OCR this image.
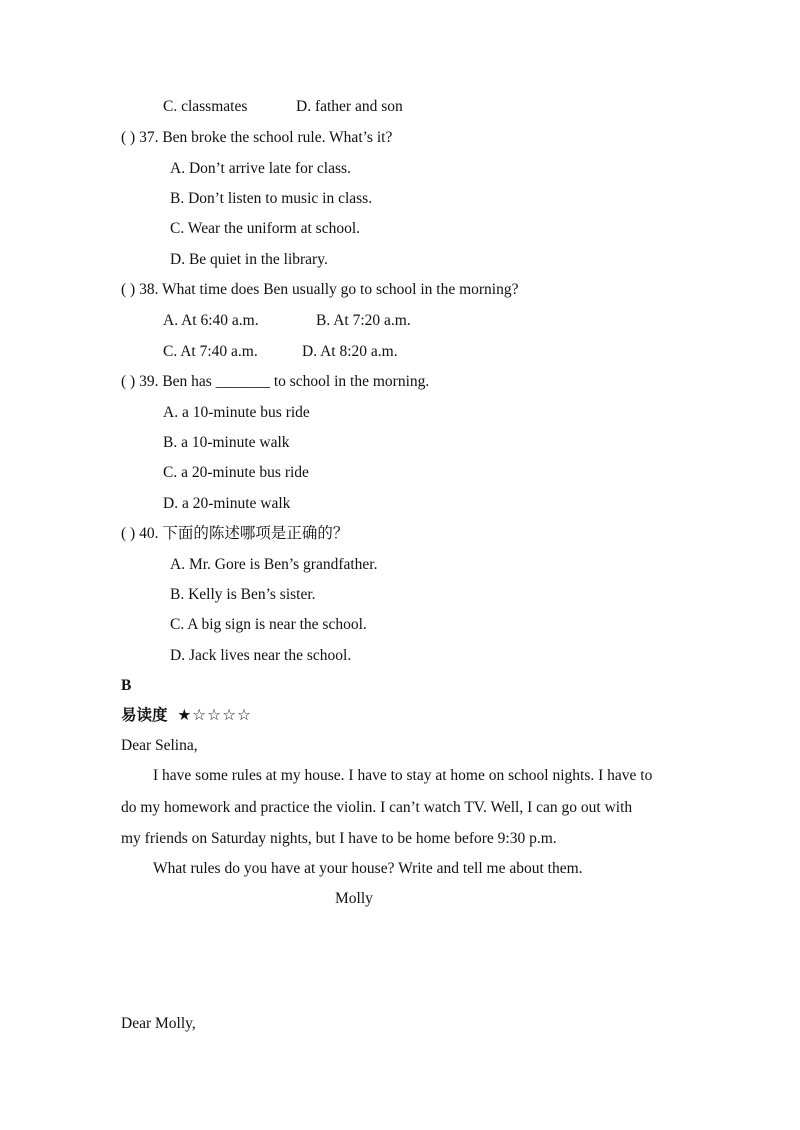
C. classmates	D. father and son
( ) 37. Ben broke the school rule. What’s it?
A. Don’t arrive late for class.
B. Don’t listen to music in class.
C. Wear the uniform at school.
D. Be quiet in the library.
( ) 38. What time does Ben usually go to school in the morning?
A. At 6:40 a.m.	B. At 7:20 a.m.
C. At 7:40 a.m.	D. At 8:20 a.m.
( ) 39. Ben has _______ to school in the morning.
A. a 10-minute bus ride
B. a 10-minute walk
C. a 20-minute bus ride
D. a 20-minute walk
( ) 40. 下面的陈述哪项是正确的？
A. Mr. Gore is Ben’s grandfather.
B. Kelly is Ben’s sister.
C. A big sign is near the school.
D. Jack lives near the school.
B
易读度 ★☆☆☆☆
Dear Selina,
I have some rules at my house. I have to stay at home on school nights. I have to
do my homework and practice the violin. I can’t watch TV. Well, I can go out with
my friends on Saturday nights, but I have to be home before 9:30 p.m.
What rules do you have at your house? Write and tell me about them.
Molly
Dear Molly,
